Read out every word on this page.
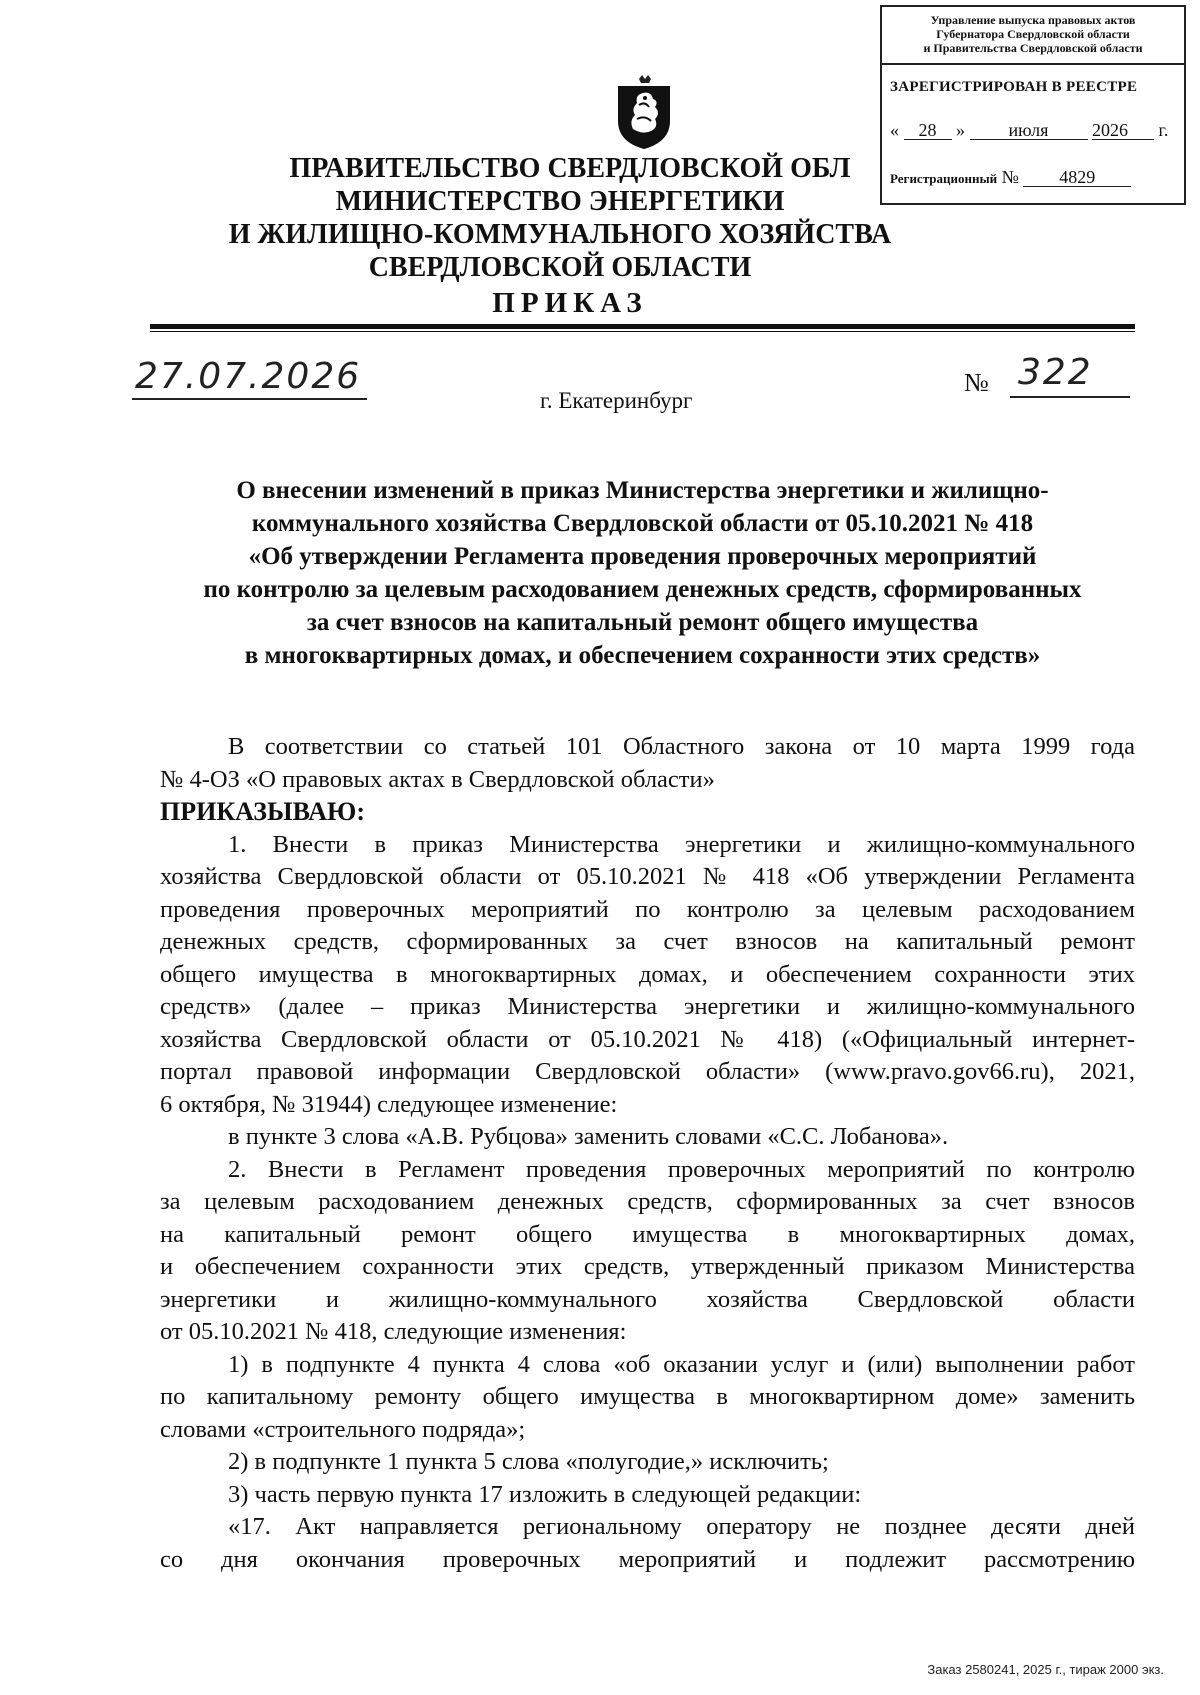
Управление выпуска правовых актов
Губернатора Свердловской области
и Правительства Свердловской области
ЗАРЕГИСТРИРОВАН В РЕЕСТРЕ
« 28 » июля 2026 г.
Регистрационный № 4829
ПРАВИТЕЛЬСТВО СВЕРДЛОВСКОЙ ОБЛ
МИНИСТЕРСТВО ЭНЕРГЕТИКИ
И ЖИЛИЩНО-КОММУНАЛЬНОГО ХОЗЯЙСТВА
СВЕРДЛОВСКОЙ ОБЛАСТИ
ПРИКАЗ
27.07.2026
г. Екатеринбург
№ 322
О внесении изменений в приказ Министерства энергетики и жилищно-
коммунального хозяйства Свердловской области от 05.10.2021 № 418
«Об утверждении Регламента проведения проверочных мероприятий
по контролю за целевым расходованием денежных средств, сформированных
за счет взносов на капитальный ремонт общего имущества
в многоквартирных домах, и обеспечением сохранности этих средств»
В соответствии со статьей 101 Областного закона от 10 марта 1999 года
№ 4-ОЗ «О правовых актах в Свердловской области»
ПРИКАЗЫВАЮ:
1. Внести в приказ Министерства энергетики и жилищно-коммунального
хозяйства Свердловской области от 05.10.2021 № 418 «Об утверждении Регламента
проведения проверочных мероприятий по контролю за целевым расходованием
денежных средств, сформированных за счет взносов на капитальный ремонт
общего имущества в многоквартирных домах, и обеспечением сохранности этих
средств» (далее – приказ Министерства энергетики и жилищно-коммунального
хозяйства Свердловской области от 05.10.2021 № 418) («Официальный интернет-
портал правовой информации Свердловской области» (www.pravo.gov66.ru), 2021,
6 октября, № 31944) следующее изменение:
в пункте 3 слова «А.В. Рубцова» заменить словами «С.С. Лобанова».
2. Внести в Регламент проведения проверочных мероприятий по контролю
за целевым расходованием денежных средств, сформированных за счет взносов
на капитальный ремонт общего имущества в многоквартирных домах,
и обеспечением сохранности этих средств, утвержденный приказом Министерства
энергетики и жилищно-коммунального хозяйства Свердловской области
от 05.10.2021 № 418, следующие изменения:
1) в подпункте 4 пункта 4 слова «об оказании услуг и (или) выполнении работ
по капитальному ремонту общего имущества в многоквартирном доме» заменить
словами «строительного подряда»;
2) в подпункте 1 пункта 5 слова «полугодие,» исключить;
3) часть первую пункта 17 изложить в следующей редакции:
«17. Акт направляется региональному оператору не позднее десяти дней
со дня окончания проверочных мероприятий и подлежит рассмотрению
Заказ 2580241, 2025 г., тираж 2000 экз.
